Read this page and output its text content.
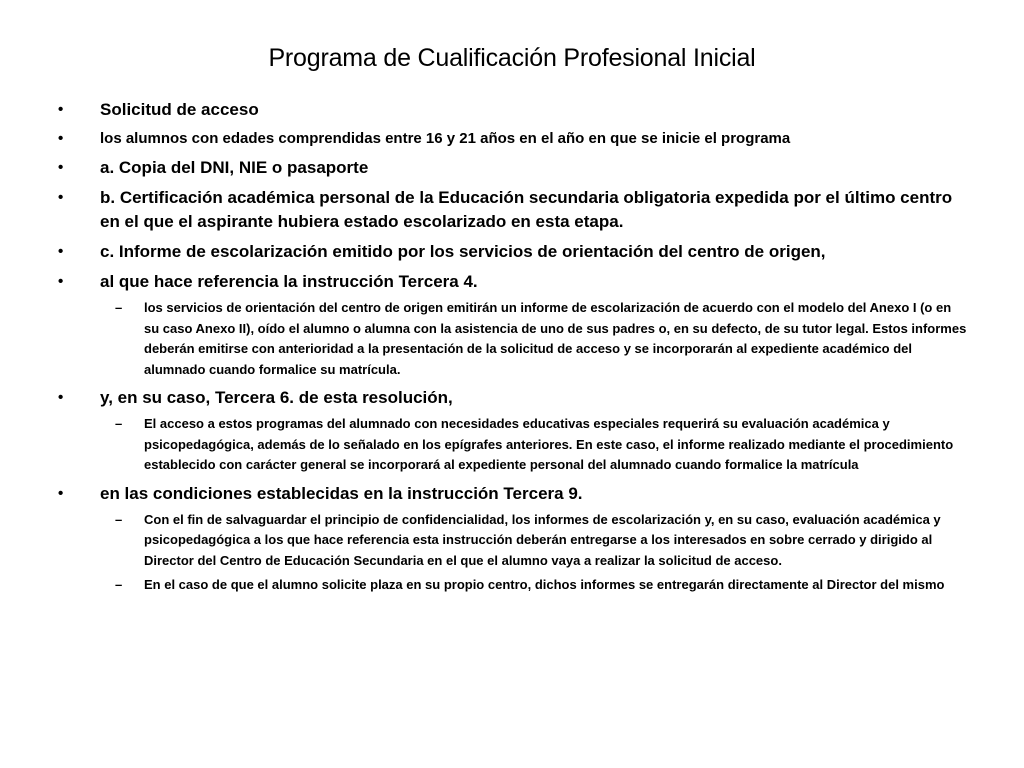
Programa de Cualificación Profesional Inicial
•	Solicitud de acceso
•	los alumnos con edades comprendidas entre 16 y 21 años en el año en que se inicie el programa
•	a. Copia del DNI, NIE o pasaporte
•	b. Certificación académica personal de la Educación secundaria obligatoria expedida por el último centro en el que el aspirante hubiera estado escolarizado en esta etapa.
•	c. Informe de escolarización emitido por los servicios de orientación del centro de origen,
•	al que hace referencia la instrucción Tercera 4.
–	los servicios de orientación del centro de origen emitirán un informe de escolarización de acuerdo con el modelo del Anexo I (o en su caso Anexo II), oído el alumno o alumna con la asistencia de uno de sus padres o, en su defecto, de su tutor legal. Estos informes deberán emitirse con anterioridad a la presentación de la solicitud de acceso y se incorporarán al expediente académico del alumnado cuando formalice su matrícula.
•	y, en su caso, Tercera 6. de esta resolución,
–	El acceso a estos programas del alumnado con necesidades educativas especiales requerirá su evaluación académica y psicopedagógica, además de lo señalado en los epígrafes anteriores. En este caso, el informe realizado mediante el procedimiento establecido con carácter general se incorporará al expediente personal del alumnado cuando formalice la matrícula
•	en las condiciones establecidas en la instrucción Tercera 9.
–	Con el fin de salvaguardar el principio de confidencialidad, los informes de escolarización y, en su caso, evaluación académica y psicopedagógica a los que hace referencia esta instrucción deberán entregarse a los interesados en sobre cerrado y dirigido al Director del Centro de Educación Secundaria en el que el alumno vaya a realizar la solicitud de acceso.
–	En el caso de que el alumno solicite plaza en su propio centro, dichos informes se entregarán directamente al Director del mismo
